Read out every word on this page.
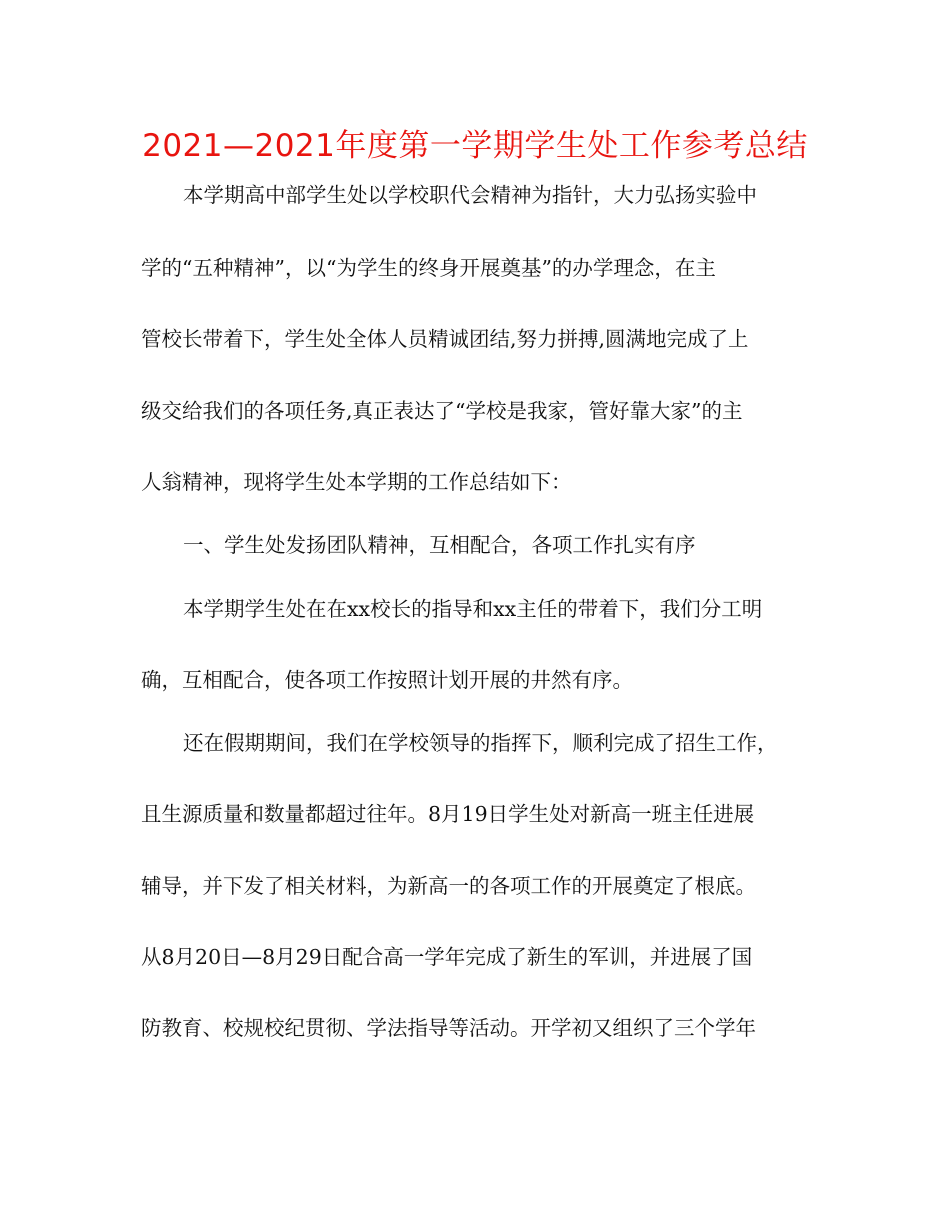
2021—2021年度第一学期学生处工作参考总结
本学期高中部学生处以学校职代会精神为指针，大力弘扬实验中
学的“五种精神”，以“为学生的终身开展奠基”的办学理念，在主
管校长带着下，学生处全体人员精诚团结,努力拼搏,圆满地完成了上
级交给我们的各项任务,真正表达了“学校是我家，管好靠大家”的主
人翁精神，现将学生处本学期的工作总结如下：
一、学生处发扬团队精神，互相配合，各项工作扎实有序
本学期学生处在在xx校长的指导和xx主任的带着下，我们分工明
确，互相配合，使各项工作按照计划开展的井然有序。
还在假期期间，我们在学校领导的指挥下，顺利完成了招生工作，
且生源质量和数量都超过往年。8月19日学生处对新高一班主任进展
辅导，并下发了相关材料，为新高一的各项工作的开展奠定了根底。
从8月20日—8月29日配合高一学年完成了新生的军训，并进展了国
防教育、校规校纪贯彻、学法指导等活动。开学初又组织了三个学年
